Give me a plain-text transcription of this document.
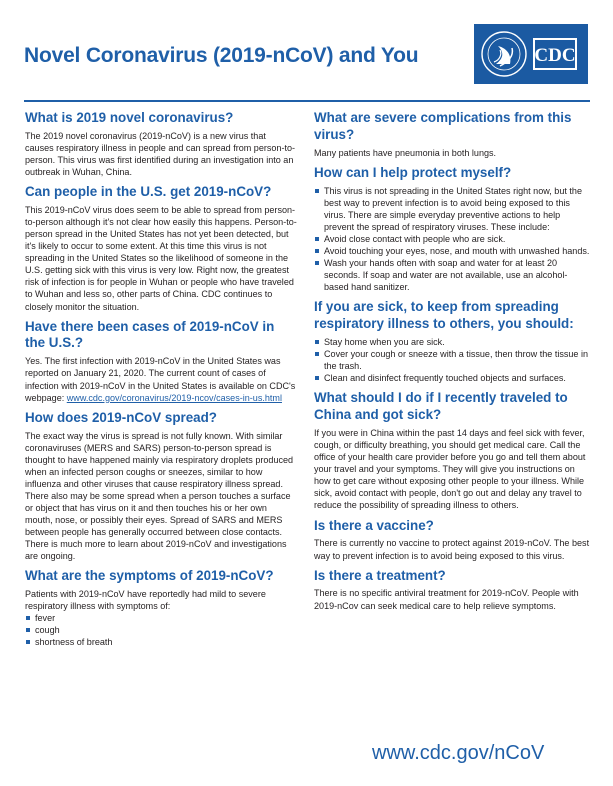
Novel Coronavirus (2019-nCoV) and You	CDC
What is 2019 novel coronavirus?

The 2019 novel coronavirus (2019-nCoV) is a new virus that causes respiratory illness in people and can spread from person-to-person. This virus was first identified during an investigation into an outbreak in Wuhan, China.

Can people in the U.S. get 2019-nCoV?

This 2019-nCoV virus does seem to be able to spread from person-to-person although it's not clear how easily this happens. Person-to-person spread in the United States has not yet been detected, but it's likely to occur to some extent. At this time this virus is not spreading in the United States so the likelihood of someone in the U.S. getting sick with this virus is very low. Right now, the greatest risk of infection is for people in Wuhan or people who have traveled to Wuhan and less so, other parts of China. CDC continues to closely monitor the situation.

Have there been cases of 2019-nCoV in the U.S.?

Yes. The first infection with 2019-nCoV in the United States was reported on January 21, 2020. The current count of cases of infection with 2019-nCoV in the United States is available on CDC's webpage: www.cdc.gov/coronavirus/2019-ncov/cases-in-us.html

How does 2019-nCoV spread?

The exact way the virus is spread is not fully known. With similar coronaviruses (MERS and SARS) person-to-person spread is thought to have happened mainly via respiratory droplets produced when an infected person coughs or sneezes, similar to how influenza and other viruses that cause respiratory illness spread. There also may be some spread when a person touches a surface or object that has virus on it and then touches his or her own mouth, nose, or possibly their eyes. Spread of SARS and MERS between people has generally occurred between close contacts. There is much more to learn about 2019-nCoV and investigations are ongoing.

What are the symptoms of 2019-nCoV?

Patients with 2019-nCoV have reportedly had mild to severe respiratory illness with symptoms of:

fever
cough
shortness of breath
What are severe complications from this virus?

Many patients have pneumonia in both lungs.

How can I help protect myself?
This virus is not spreading in the United States right now, but the best way to prevent infection is to avoid being exposed to this virus. There are simple everyday preventive actions to help prevent the spread of respiratory viruses. These include:
Avoid close contact with people who are sick.
Avoid touching your eyes, nose, and mouth with unwashed hands.
Wash your hands often with soap and water for at least 20 seconds. If soap and water are not available, use an alcohol-based hand sanitizer.
If you are sick, to keep from spreading respiratory illness to others, you should:
Stay home when you are sick.
Cover your cough or sneeze with a tissue, then throw the tissue in the trash.
Clean and disinfect frequently touched objects and surfaces.
What should I do if I recently traveled to China and got sick?

If you were in China within the past 14 days and feel sick with fever, cough, or difficulty breathing, you should get medical care. Call the office of your health care provider before you go and tell them about your travel and your symptoms. They will give you instructions on how to get care without exposing other people to your illness. While sick, avoid contact with people, don't go out and delay any travel to reduce the possibility of spreading illness to others.

Is there a vaccine?

There is currently no vaccine to protect against 2019-nCoV. The best way to prevent infection is to avoid being exposed to this virus.

Is there a treatment?

There is no specific antiviral treatment for 2019-nCoV. People with 2019-nCov can seek medical care to help relieve symptoms.

www.cdc.gov/nCoV
